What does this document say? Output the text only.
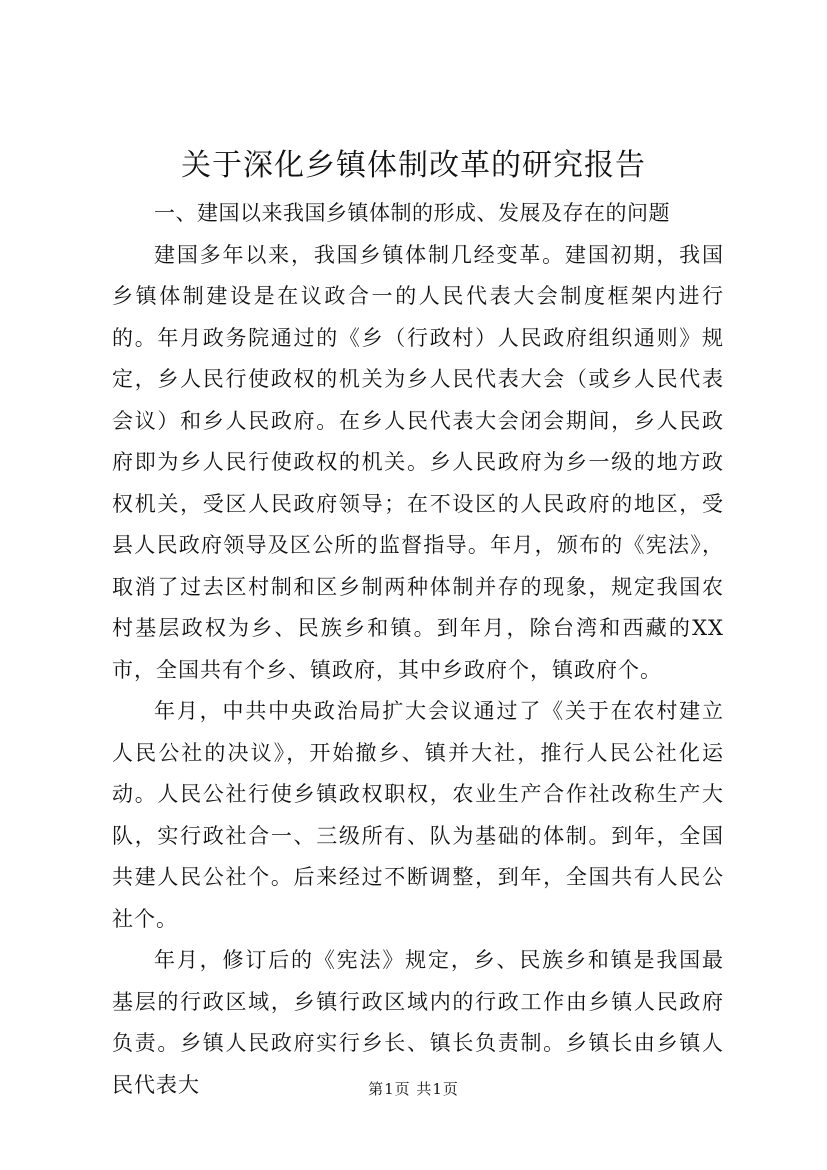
关于深化乡镇体制改革的研究报告

一、建国以来我国乡镇体制的形成、发展及存在的问题

建国多年以来，我国乡镇体制几经变革。建国初期，我国乡镇体制建设是在议政合一的人民代表大会制度框架内进行的。年月政务院通过的《乡（行政村）人民政府组织通则》规定，乡人民行使政权的机关为乡人民代表大会（或乡人民代表会议）和乡人民政府。在乡人民代表大会闭会期间，乡人民政府即为乡人民行使政权的机关。乡人民政府为乡一级的地方政权机关，受区人民政府领导；在不设区的人民政府的地区，受县人民政府领导及区公所的监督指导。年月，颁布的《宪法》，取消了过去区村制和区乡制两种体制并存的现象，规定我国农村基层政权为乡、民族乡和镇。到年月，除台湾和西藏的XX市，全国共有个乡、镇政府，其中乡政府个，镇政府个。

年月，中共中央政治局扩大会议通过了《关于在农村建立人民公社的决议》，开始撤乡、镇并大社，推行人民公社化运动。人民公社行使乡镇政权职权，农业生产合作社改称生产大队，实行政社合一、三级所有、队为基础的体制。到年，全国共建人民公社个。后来经过不断调整，到年，全国共有人民公社个。

年月，修订后的《宪法》规定，乡、民族乡和镇是我国最基层的行政区域，乡镇行政区域内的行政工作由乡镇人民政府负责。乡镇人民政府实行乡长、镇长负责制。乡镇长由乡镇人民代表大	第1页 共1页
